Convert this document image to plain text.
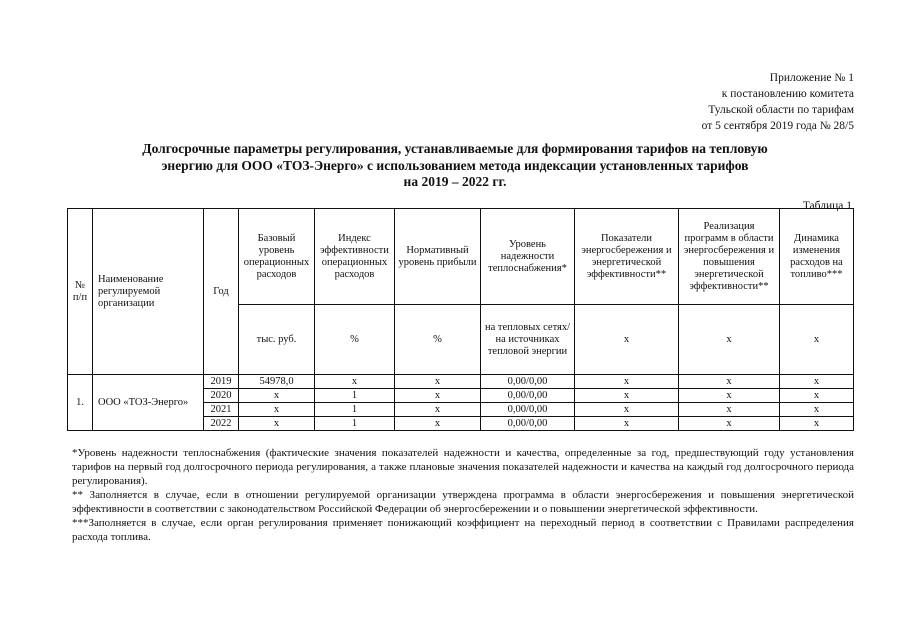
Приложение № 1
к постановлению комитета
Тульской области по тарифам
от 5 сентября 2019 года № 28/5
Долгосрочные параметры регулирования, устанавливаемые для формирования тарифов на тепловую
энергию для ООО «ТОЗ-Энерго» с использованием метода индексации установленных тарифов
на 2019 – 2022 гг.
Таблица 1
№ п/п	Наименование регулируемой организации	Год	Базовый уровень операционных расходов	Индекс эффективности операционных расходов	Нормативный уровень прибыли	Уровень надежности теплоснабжения*	Показатели энергосбережения и энергетической эффективности**	Реализация программ в области энергосбережения и повышения энергетической эффективности**	Динамика изменения расходов на топливо***
			тыс. руб.	%	%	на тепловых сетях/на источниках тепловой энергии	x	x	x
1.	ООО «ТОЗ-Энерго»	2019	54978,0	x	x	0,00/0,00	x	x	x
		2020	x	1	x	0,00/0,00	x	x	x
		2021	x	1	x	0,00/0,00	x	x	x
		2022	x	1	x	0,00/0,00	x	x	x

*Уровень надежности теплоснабжения (фактические значения показателей надежности и качества, определенные за год, предшествующий году установления тарифов на первый год долгосрочного периода регулирования, а также плановые значения показателей надежности и качества на каждый год долгосрочного периода регулирования).

** Заполняется в случае, если в отношении регулируемой организации утверждена программа в области энергосбережения и повышения энергетической эффективности в соответствии с законодательством Российской Федерации об энергосбережении и о повышении энергетической эффективности.

***Заполняется в случае, если орган регулирования применяет понижающий коэффициент на переходный период в соответствии с Правилами распределения расхода топлива.
